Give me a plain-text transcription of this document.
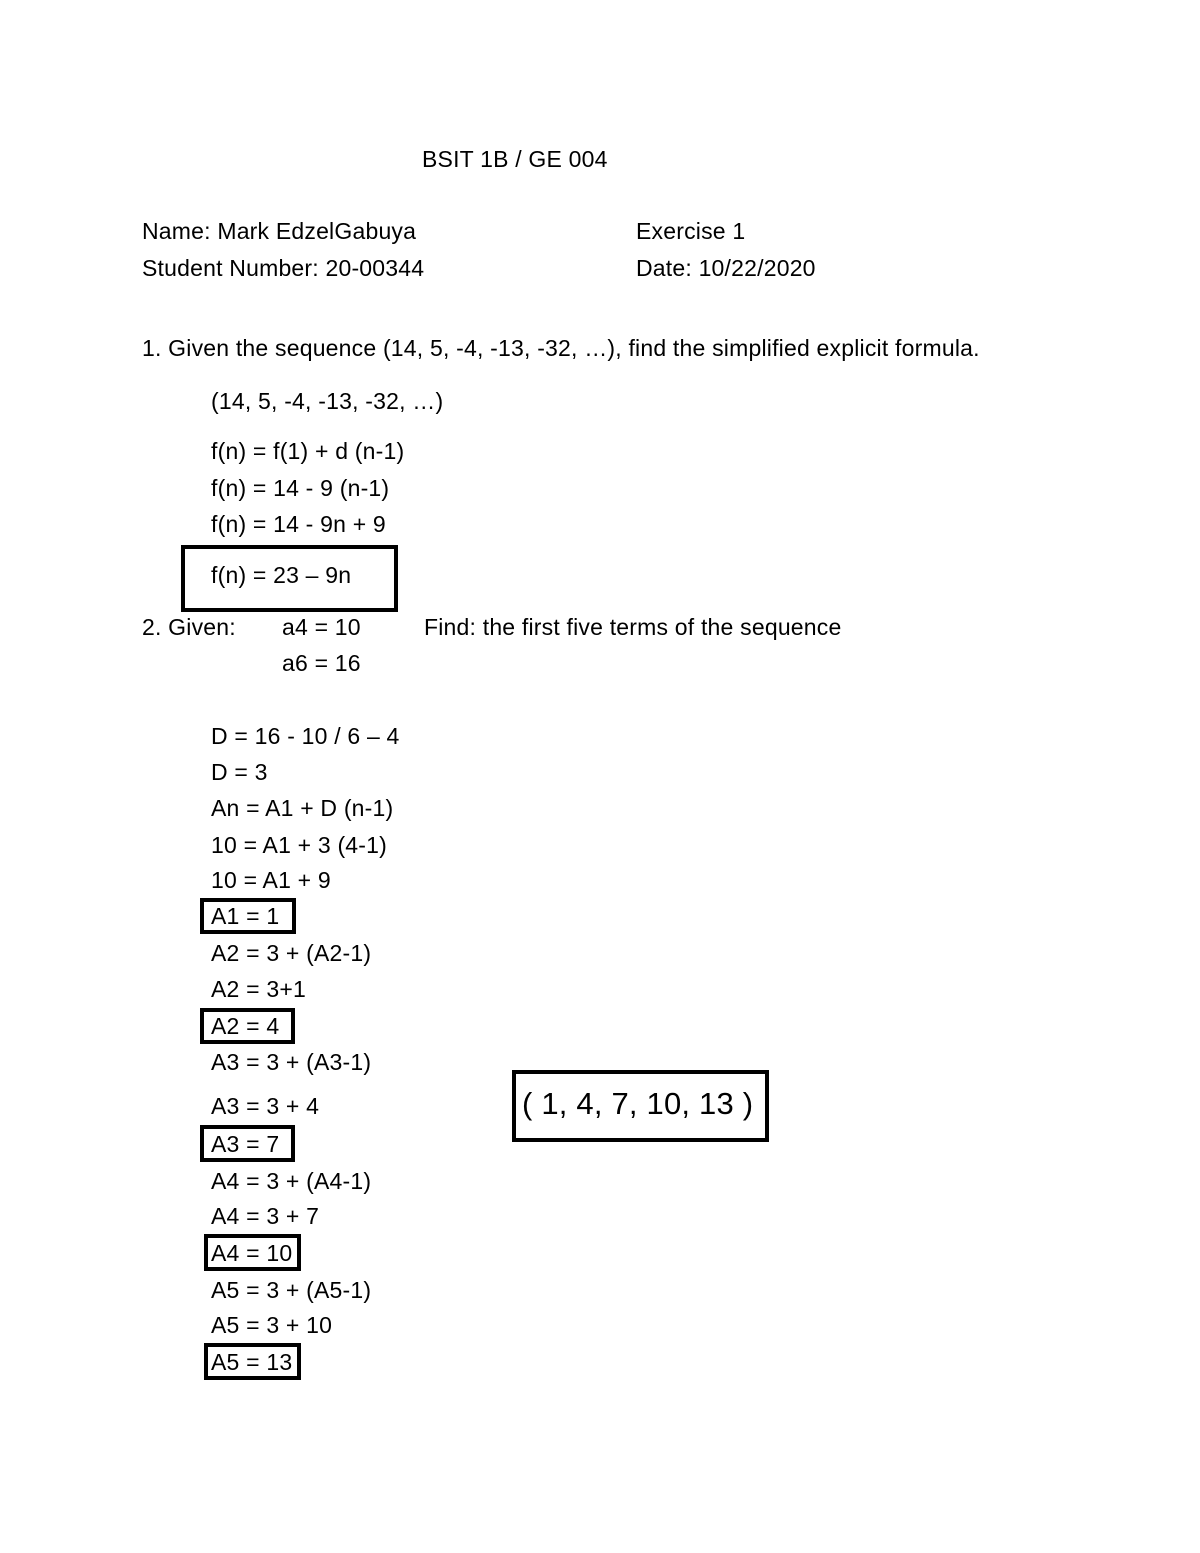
BSIT 1B / GE 004
Name: Mark EdzelGabuya	Exercise 1
Student Number: 20-00344	Date: 10/22/2020
1. Given the sequence (14, 5, -4, -13, -32, …), find the simplified explicit formula.
(14, 5, -4, -13, -32, …)
f(n) = f(1) + d (n-1)
f(n) = 14 - 9 (n-1)
f(n) = 14 - 9n + 9
f(n) = 23 – 9n
2. Given: a4 = 10	Find: the first five terms of the sequence
a6 = 16
D = 16 - 10 / 6 – 4
D = 3
An = A1 + D (n-1)
10 = A1 + 3 (4-1)
10 = A1 + 9
A1 = 1
A2 = 3 + (A2-1)
A2 = 3+1
A2 = 4
A3 = 3 + (A3-1)
A3 = 3 + 4
A3 = 7
A4 = 3 + (A4-1)
A4 = 3 + 7
A4 = 10
A5 = 3 + (A5-1)
A5 = 3 + 10
A5 = 13
( 1, 4, 7, 10, 13 )
